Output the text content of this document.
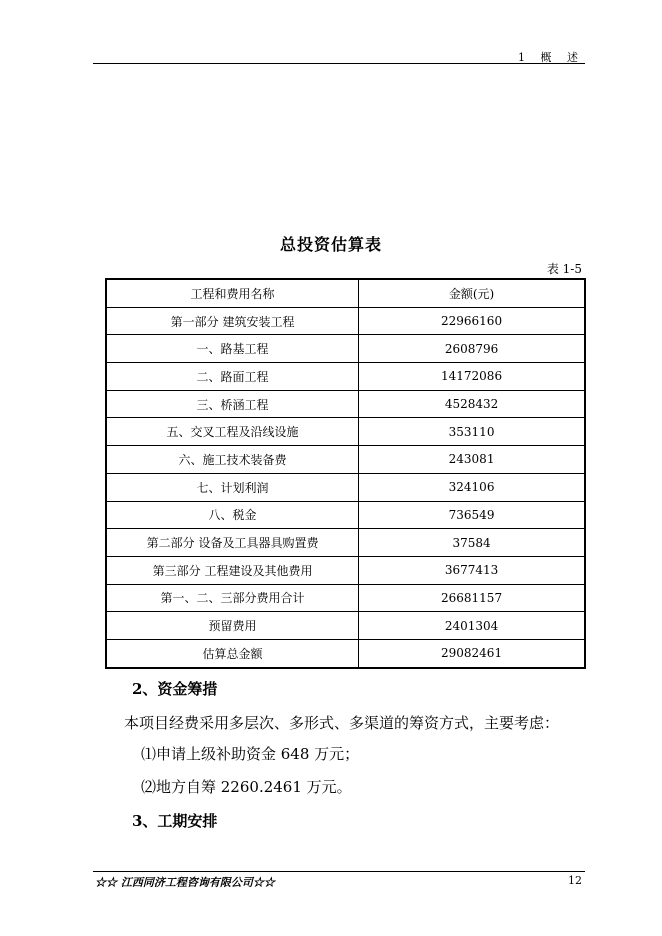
1 概 述
总投资估算表
表 1-5
工程和费用名称	金额(元)
第一部分 建筑安装工程	22966160
一、路基工程	2608796
二、路面工程	14172086
三、桥涵工程	4528432
五、交叉工程及沿线设施	353110
六、施工技术装备费	243081
七、计划利润	324106
八、税金	736549
第二部分 设备及工具器具购置费	37584
第三部分 工程建设及其他费用	3677413
第一、二、三部分费用合计	26681157
预留费用	2401304
估算总金额	29082461
2、资金筹措
本项目经费采用多层次、多形式、多渠道的筹资方式，主要考虑：
⑴申请上级补助资金 648 万元；
⑵地方自筹 2260.2461 万元。
3、工期安排
☆☆ 江西同济工程咨询有限公司☆☆	12
